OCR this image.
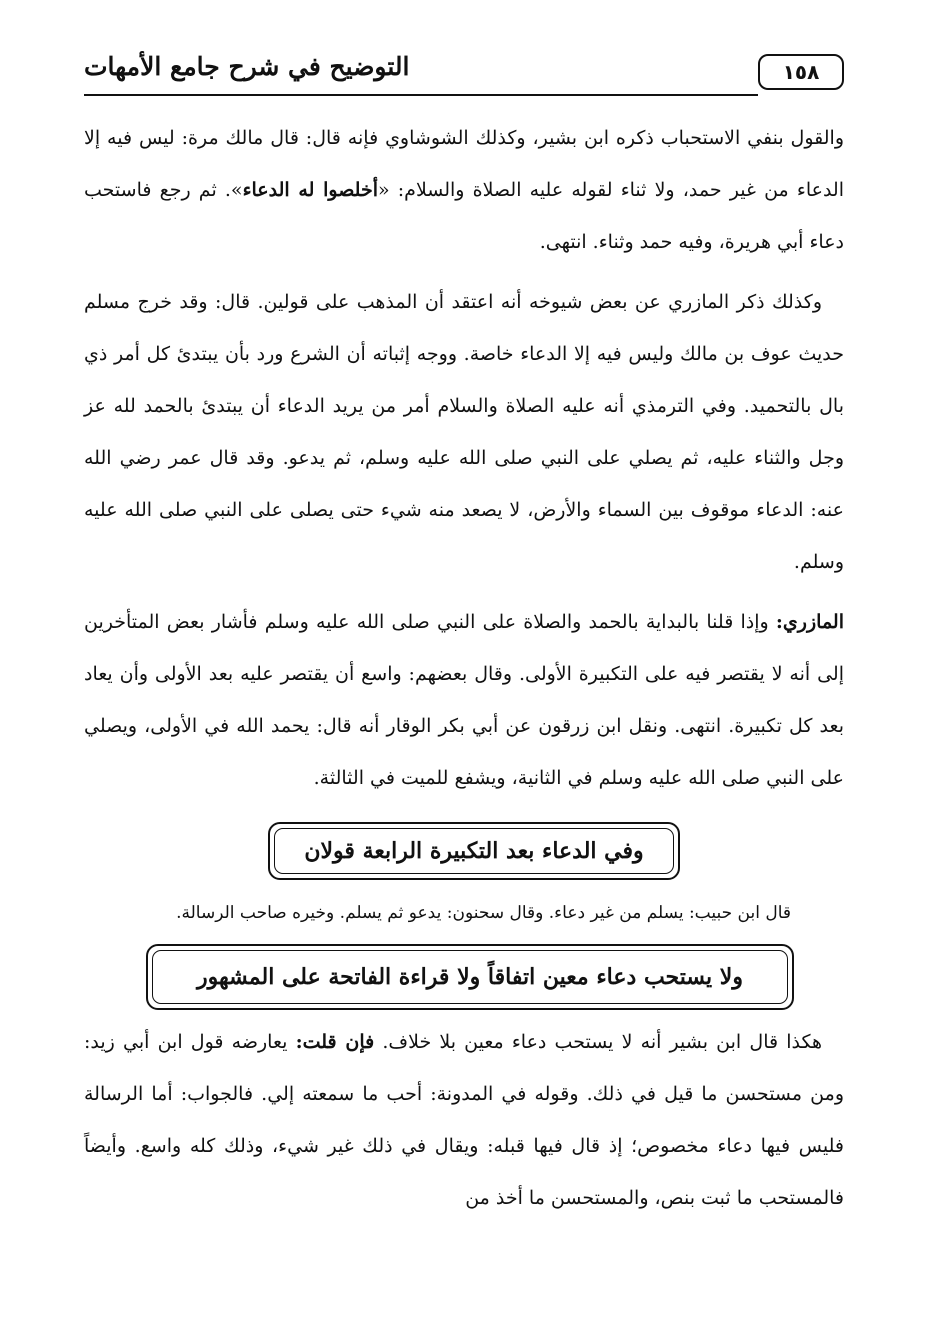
التوضيح في شرح جامع الأمهات	١٥٨

والقول بنفي الاستحباب ذكره ابن بشير، وكذلك الشوشاوي فإنه قال: قال مالك مرة: ليس فيه إلا الدعاء من غير حمد، ولا ثناء لقوله عليه الصلاة والسلام: «أخلصوا له الدعاء». ثم رجع فاستحب دعاء أبي هريرة، وفيه حمد وثناء. انتهى.

وكذلك ذكر المازري عن بعض شيوخه أنه اعتقد أن المذهب على قولين. قال: وقد خرج مسلم حديث عوف بن مالك وليس فيه إلا الدعاء خاصة. ووجه إثباته أن الشرع ورد بأن يبتدئ كل أمر ذي بال بالتحميد. وفي الترمذي أنه عليه الصلاة والسلام أمر من يريد الدعاء أن يبتدئ بالحمد لله عز وجل والثناء عليه، ثم يصلي على النبي صلى الله عليه وسلم، ثم يدعو. وقد قال عمر رضي الله عنه: الدعاء موقوف بين السماء والأرض، لا يصعد منه شيء حتى يصلى على النبي صلى الله عليه وسلم.

المازري: وإذا قلنا بالبداية بالحمد والصلاة على النبي صلى الله عليه وسلم فأشار بعض المتأخرين إلى أنه لا يقتصر فيه على التكبيرة الأولى. وقال بعضهم: واسع أن يقتصر عليه بعد الأولى وأن يعاد بعد كل تكبيرة. انتهى. ونقل ابن زرقون عن أبي بكر الوقار أنه قال: يحمد الله في الأولى، ويصلي على النبي صلى الله عليه وسلم في الثانية، ويشفع للميت في الثالثة.

وفي الدعاء بعد التكبيرة الرابعة قولان

قال ابن حبيب: يسلم من غير دعاء. وقال سحنون: يدعو ثم يسلم. وخيره صاحب الرسالة.

ولا يستحب دعاء معين اتفاقاً ولا قراءة الفاتحة على المشهور

هكذا قال ابن بشير أنه لا يستحب دعاء معين بلا خلاف. فإن قلت: يعارضه قول ابن أبي زيد: ومن مستحسن ما قيل في ذلك. وقوله في المدونة: أحب ما سمعته إلي. فالجواب: أما الرسالة فليس فيها دعاء مخصوص؛ إذ قال فيها قبله: ويقال في ذلك غير شيء، وذلك كله واسع. وأيضاً فالمستحب ما ثبت بنص، والمستحسن ما أخذ من
